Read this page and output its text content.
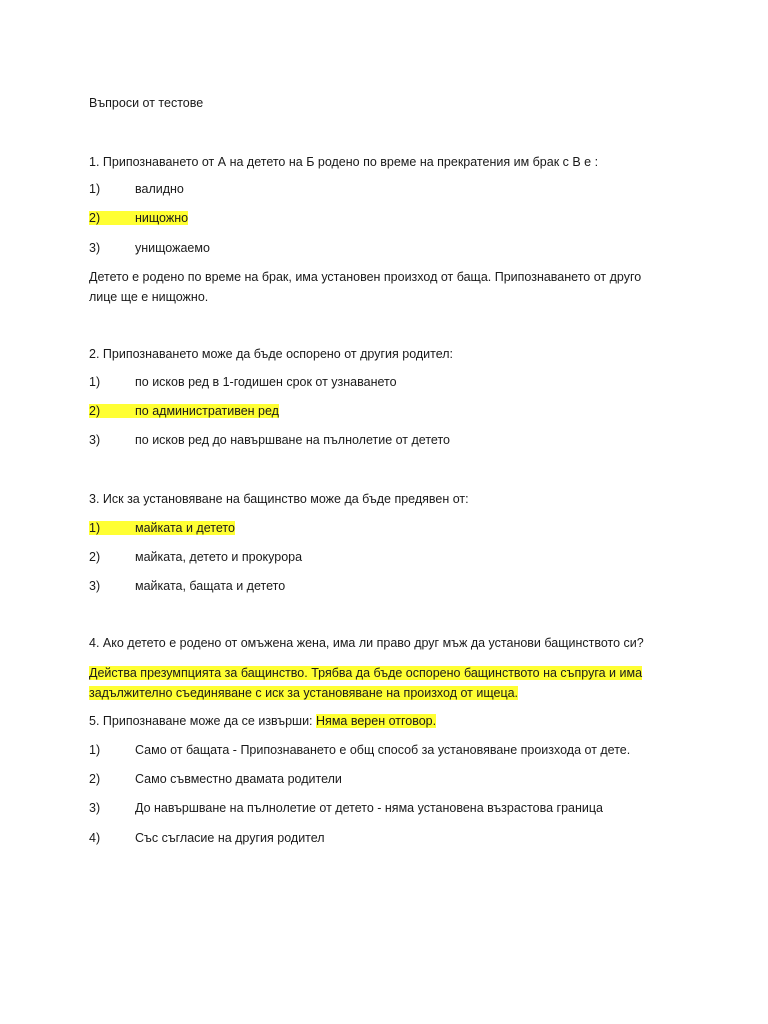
Въпроси от тестове
1. Припознаването от А на детето на Б родено по време на прекратения им брак с В е :
1)	валидно
2)	нищожно
3)	унищожаемо
Детето е родено по време на брак, има установен произход от баща. Припознаването от друго
лице ще е нищожно.
2. Припознаването може да бъде оспорено от другия родител:
1)	по исков ред в 1-годишен срок от узнаването
2)	по административен ред
3)	по исков ред до навършване на пълнолетие от детето
3. Иск за установяване на бащинство може да бъде предявен от:
1)	майката и детето
2)	майката, детето и прокурора
3)	майката, бащата и детето
4. Ако детето е родено от омъжена жена, има ли право друг мъж да установи бащинството си?
Действа презумпцията за бащинство. Трябва да бъде оспорено бащинството на съпруга и има
задължително съединяване с иск за установяване на произход от ищеца.
5. Припознаване може да се извърши: Няма верен отговор.
1)	Само от бащата - Припознаването е общ способ за установяване произхода от дете.
2)	Само съвместно двамата родители
3)	До навършване на пълнолетие от детето - няма установена възрастова граница
4)	Със съгласие на другия родител
